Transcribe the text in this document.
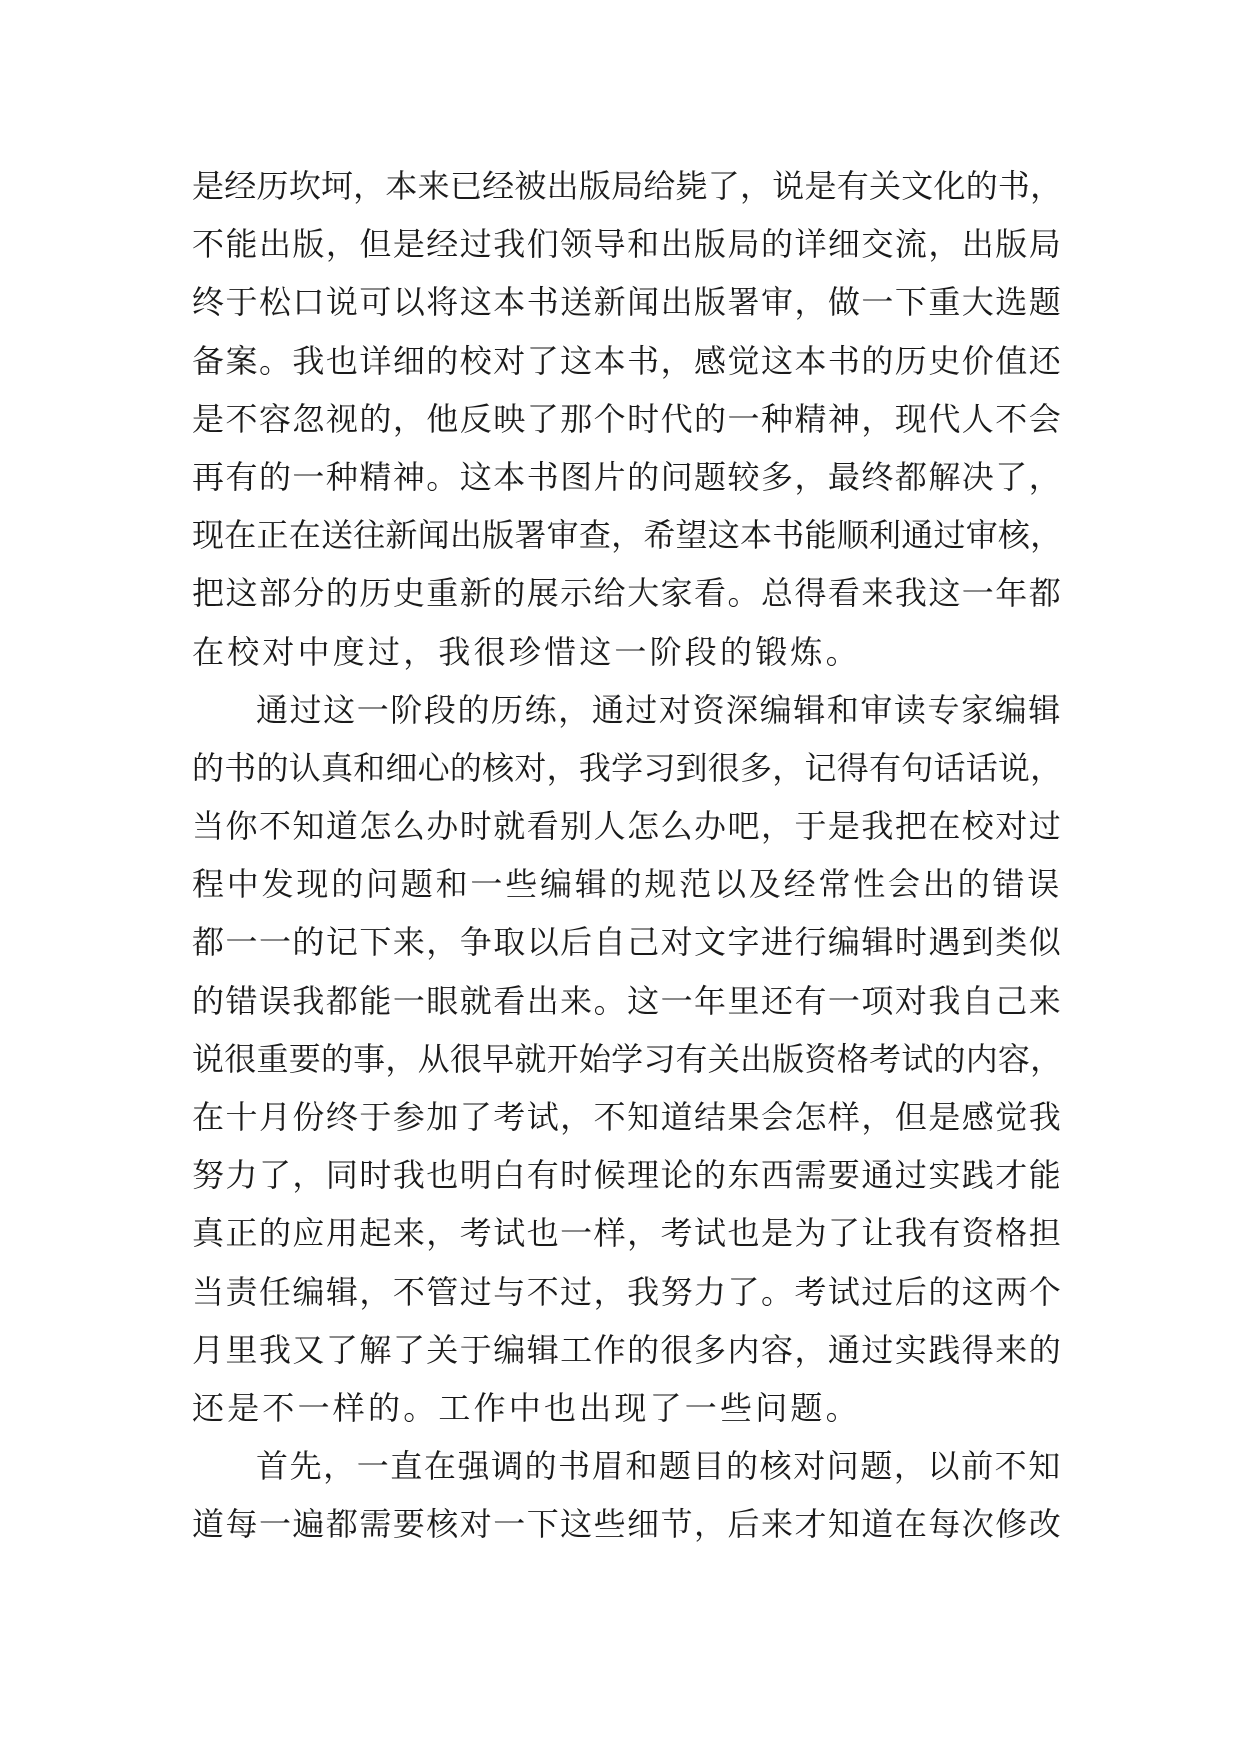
是经历坎坷，本来已经被出版局给毙了，说是有关文化的书，
不能出版，但是经过我们领导和出版局的详细交流，出版局
终于松口说可以将这本书送新闻出版署审，做一下重大选题
备案。我也详细的校对了这本书，感觉这本书的历史价值还
是不容忽视的，他反映了那个时代的一种精神，现代人不会
再有的一种精神。这本书图片的问题较多，最终都解决了，
现在正在送往新闻出版署审查，希望这本书能顺利通过审核，
把这部分的历史重新的展示给大家看。总得看来我这一年都
在校对中度过，我很珍惜这一阶段的锻炼。
通过这一阶段的历练，通过对资深编辑和审读专家编辑
的书的认真和细心的核对，我学习到很多，记得有句话话说，
当你不知道怎么办时就看别人怎么办吧，于是我把在校对过
程中发现的问题和一些编辑的规范以及经常性会出的错误
都一一的记下来，争取以后自己对文字进行编辑时遇到类似
的错误我都能一眼就看出来。这一年里还有一项对我自己来
说很重要的事，从很早就开始学习有关出版资格考试的内容，
在十月份终于参加了考试，不知道结果会怎样，但是感觉我
努力了，同时我也明白有时候理论的东西需要通过实践才能
真正的应用起来，考试也一样，考试也是为了让我有资格担
当责任编辑，不管过与不过，我努力了。考试过后的这两个
月里我又了解了关于编辑工作的很多内容，通过实践得来的
还是不一样的。工作中也出现了一些问题。
首先，一直在强调的书眉和题目的核对问题，以前不知
道每一遍都需要核对一下这些细节，后来才知道在每次修改
